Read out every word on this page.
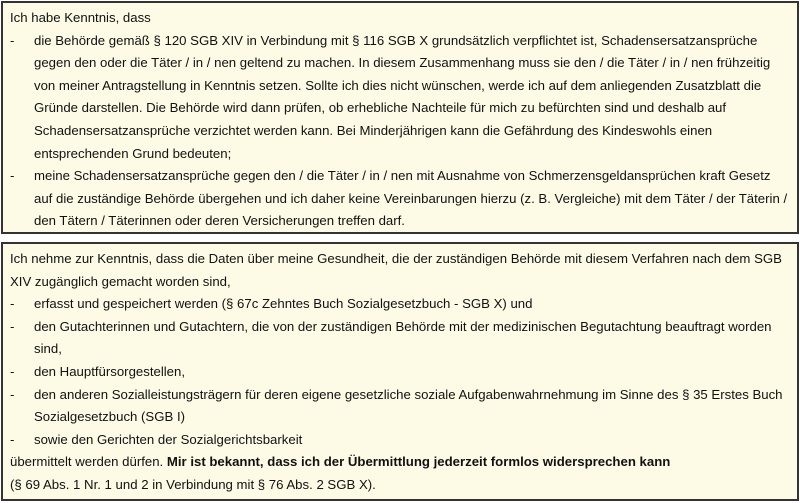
Ich habe Kenntnis, dass

- die Behörde gemäß § 120 SGB XIV in Verbindung mit § 116 SGB X grundsätzlich verpflichtet ist, Schadensersatzansprüche gegen den oder die Täter / in / nen geltend zu machen. In diesem Zusammenhang muss sie den / die Täter / in / nen frühzeitig von meiner Antragstellung in Kenntnis setzen. Sollte ich dies nicht wünschen, werde ich auf dem anliegenden Zusatzblatt die Gründe darstellen. Die Behörde wird dann prüfen, ob erhebliche Nachteile für mich zu befürchten sind und deshalb auf Schadensersatzansprüche verzichtet werden kann. Bei Minderjährigen kann die Gefährdung des Kindeswohls einen entsprechenden Grund bedeuten;
- meine Schadensersatzansprüche gegen den / die Täter / in / nen mit Ausnahme von Schmerzensgeldansprüchen kraft Gesetz auf die zuständige Behörde übergehen und ich daher keine Vereinbarungen hierzu (z. B. Vergleiche) mit dem Täter / der Täterin / den Tätern / Täterinnen oder deren Versicherungen treffen darf.

Ich nehme zur Kenntnis, dass die Daten über meine Gesundheit, die der zuständigen Behörde mit diesem Verfahren nach dem SGB XIV zugänglich gemacht worden sind,

- erfasst und gespeichert werden (§ 67c Zehntes Buch Sozialgesetzbuch - SGB X) und
- den Gutachterinnen und Gutachtern, die von der zuständigen Behörde mit der medizinischen Begutachtung beauftragt worden sind,
- den Hauptfürsorgestellen,
- den anderen Sozialleistungsträgern für deren eigene gesetzliche soziale Aufgabenwahrnehmung im Sinne des § 35 Erstes Buch Sozialgesetzbuch (SGB I)
- sowie den Gerichten der Sozialgerichtsbarkeit

übermittelt werden dürfen. Mir ist bekannt, dass ich der Übermittlung jederzeit formlos widersprechen kann
(§ 69 Abs. 1 Nr. 1 und 2 in Verbindung mit § 76 Abs. 2 SGB X).
